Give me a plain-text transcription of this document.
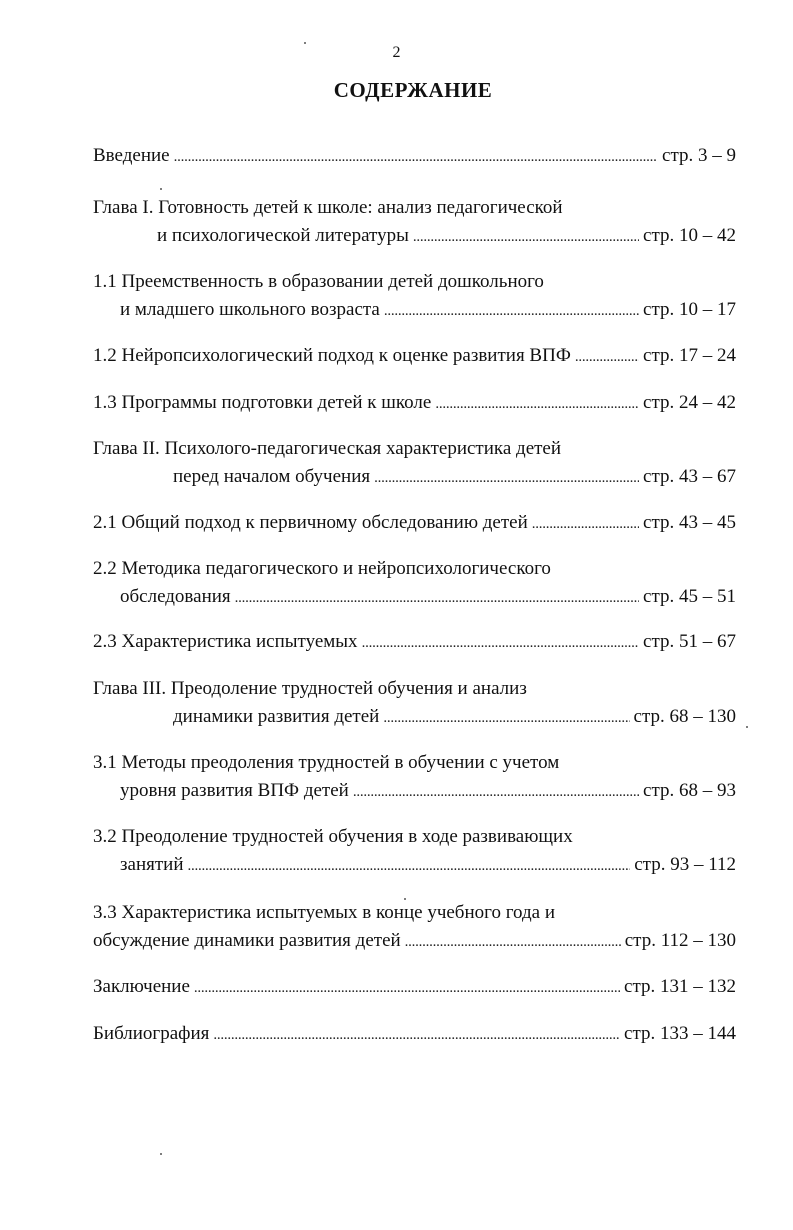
2
СОДЕРЖАНИЕ
Введение . . .	стр. 3 – 9
Глава I. Готовность детей к школе: анализ педагогической
и психологической литературы . . .	стр. 10 – 42
1.1 Преемственность в образовании детей дошкольного
и младшего школьного возраста . . .	стр. 10 – 17
1.2 Нейропсихологический подход к оценке развития ВПФ . . .	стр. 17 – 24
1.3 Программы подготовки детей к школе . . .	стр. 24 – 42
Глава II. Психолого-педагогическая характеристика детей
перед началом обучения . . .	стр. 43 – 67
2.1 Общий подход к первичному обследованию детей . . .	стр. 43 – 45
2.2 Методика педагогического и нейропсихологического
обследования . . .	стр. 45 – 51
2.3 Характеристика испытуемых . . .	стр. 51 – 67
Глава III. Преодоление трудностей обучения и анализ
динамики развития детей . . .	стр. 68 – 130
3.1 Методы преодоления трудностей в обучении с учетом
уровня развития ВПФ детей . . .	стр. 68 – 93
3.2 Преодоление трудностей обучения в ходе развивающих
занятий . . .	стр. 93 – 112
3.3 Характеристика испытуемых в конце учебного года и
обсуждение динамики развития детей . . .	стр. 112 – 130
Заключение . . .	стр. 131 – 132
Библиография . . .	стр. 133 – 144
